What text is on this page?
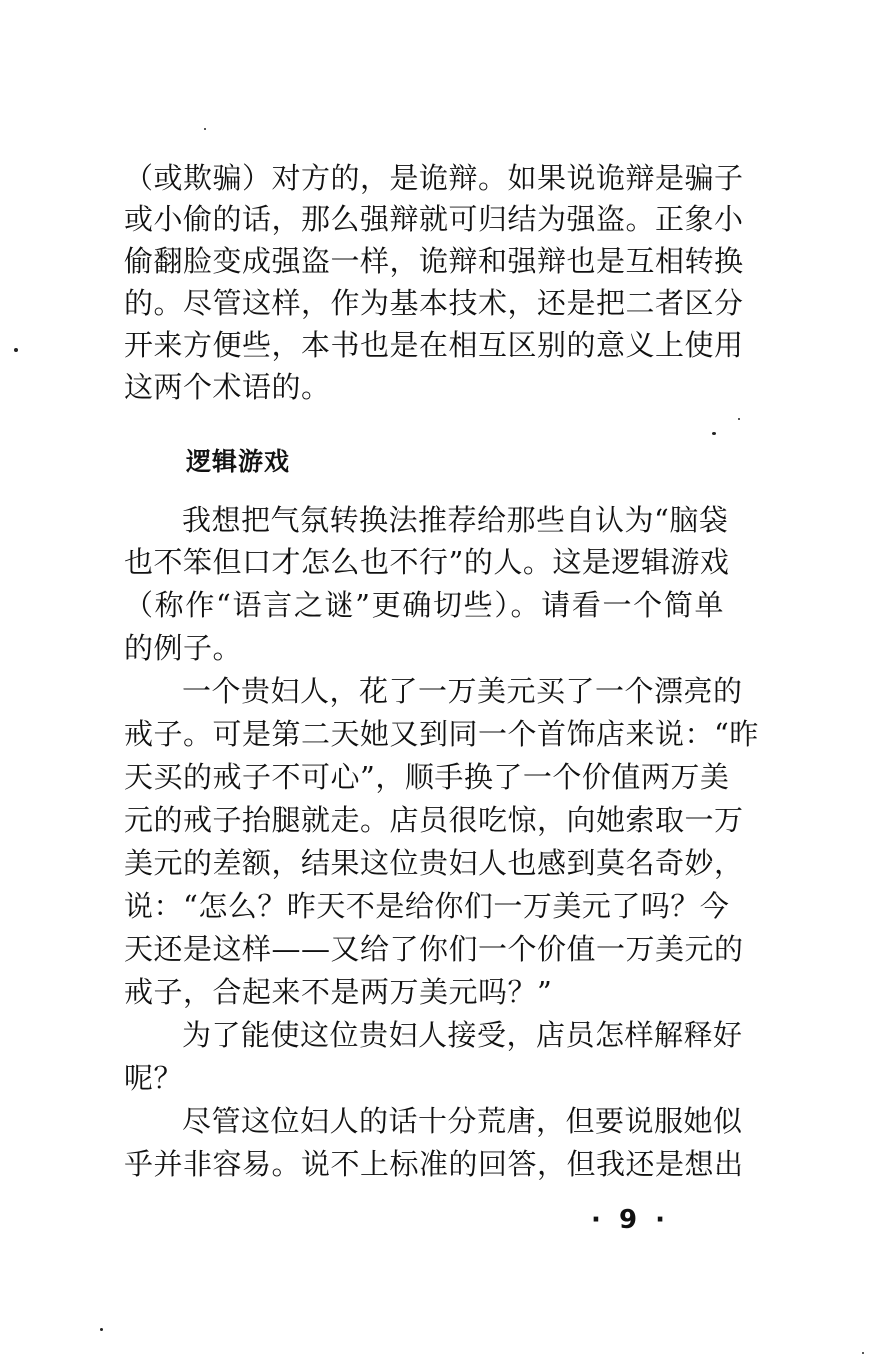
（或欺骗）对方的，是诡辩。如果说诡辩是骗子
或小偷的话，那么强辩就可归结为强盗。正象小
偷翻脸变成强盗一样，诡辩和强辩也是互相转换
的。尽管这样，作为基本技术，还是把二者区分
开来方便些，本书也是在相互区别的意义上使用
这两个术语的。
逻辑游戏
我想把气氛转换法推荐给那些自认为“脑袋
也不笨但口才怎么也不行”的人。这是逻辑游戏
（称作“语言之谜”更确切些）。请看一个简单
的例子。
一个贵妇人，花了一万美元买了一个漂亮的
戒子。可是第二天她又到同一个首饰店来说：“昨
天买的戒子不可心”，顺手换了一个价值两万美
元的戒子抬腿就走。店员很吃惊，向她索取一万
美元的差额，结果这位贵妇人也感到莫名奇妙，
说：“怎么？昨天不是给你们一万美元了吗？今
天还是这样——又给了你们一个价值一万美元的
戒子，合起来不是两万美元吗？”
为了能使这位贵妇人接受，店员怎样解释好
呢？
尽管这位妇人的话十分荒唐，但要说服她似
乎并非容易。说不上标准的回答，但我还是想出
·  9  ·
